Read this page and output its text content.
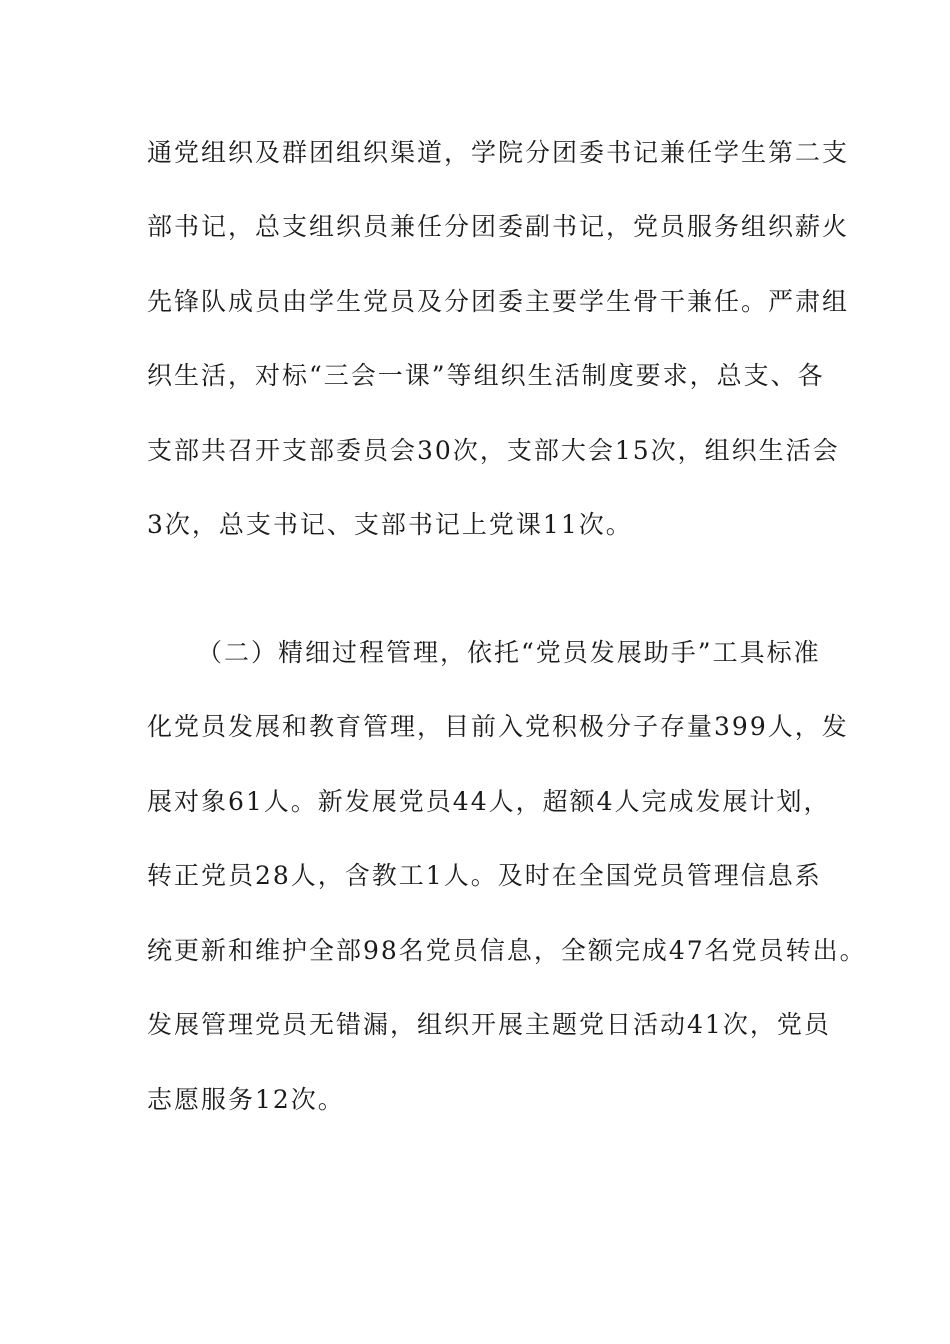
通党组织及群团组织渠道，学院分团委书记兼任学生第二支
部书记，总支组织员兼任分团委副书记，党员服务组织薪火
先锋队成员由学生党员及分团委主要学生骨干兼任。严肃组
织生活，对标“三会一课”等组织生活制度要求，总支、各
支部共召开支部委员会30次，支部大会15次，组织生活会
3次，总支书记、支部书记上党课11次。
（二）精细过程管理，依托“党员发展助手”工具标准
化党员发展和教育管理，目前入党积极分子存量399人，发
展对象61人。新发展党员44人，超额4人完成发展计划，
转正党员28人，含教工1人。及时在全国党员管理信息系
统更新和维护全部98名党员信息，全额完成47名党员转出。
发展管理党员无错漏，组织开展主题党日活动41次，党员
志愿服务12次。
